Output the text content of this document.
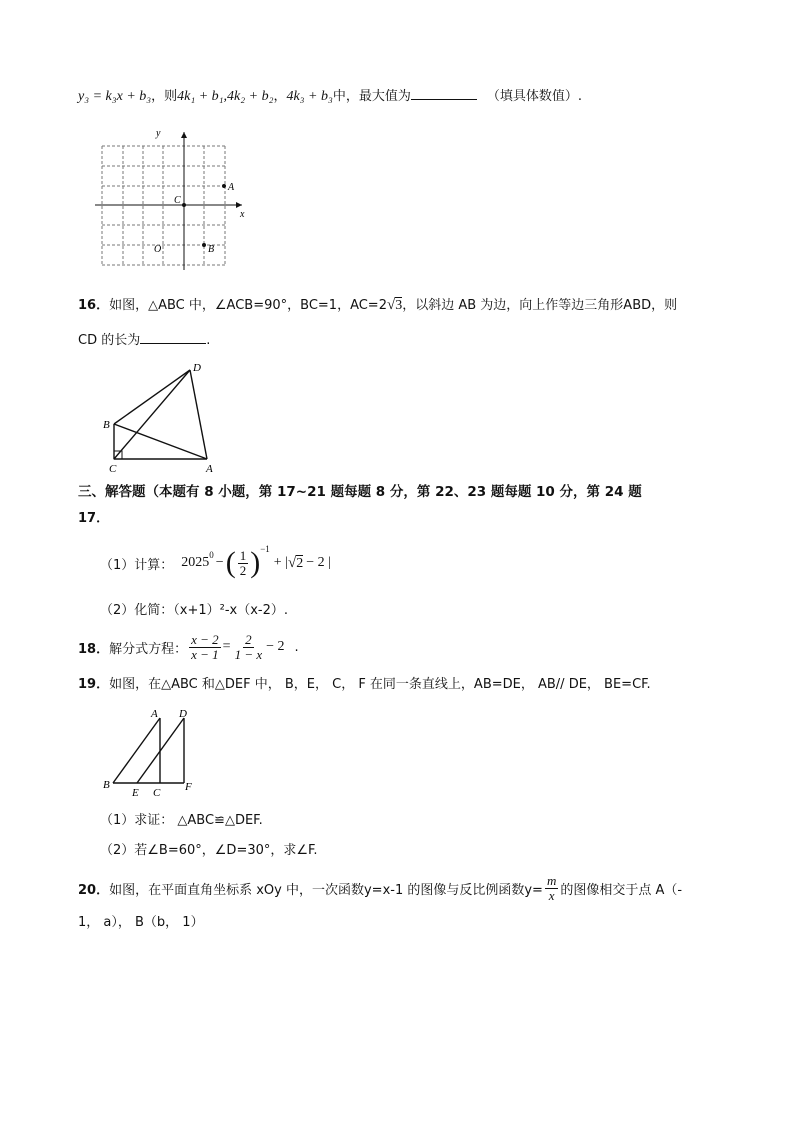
y₃ = k₃x + b₃，则4k₁ + b₁,4k₂ + b₂，4k₃ + b₃中，最大值为	（填具体数值）.
y
x
A
C
B
O
16．如图，△ABC 中，∠ACB=90°，BC=1，AC=2√3，以斜边 AB 为边，向上作等边三角形ABD，则
CD 的长为	.
D
B
C	A
三、解答题（本题有 8 小题，第 17~21 题每题 8 分，第 22、23 题每题 10 分，第 24 题
17．
（1）计算： $2025^0$ − ( $\frac{1}{2} )^{-1}$
+ | √ 2 − 2 |
（2）化简：（x+1）²-x（x-2）.
18． 解分式方程： $\frac{x - 2}{x - 1} = \frac{2}{1 - x} - 2$ .
19．如图，在△ABC 和△DEF 中， B，E， C， F 在同一条直线上，AB=DE， AB// DE， BE=CF.
A D
B
E C F
（1）求证： △ABC≌△DEF.
（2）若∠B=60°，∠D=30°，求∠F.
20． 如图，在平面直角坐标系 xOy 中，一次函数y=x-1 的图像与反比例函数$y= \frac{m}{x}$ 的图像相交于点 A（-
1， a）， B（b， 1）
